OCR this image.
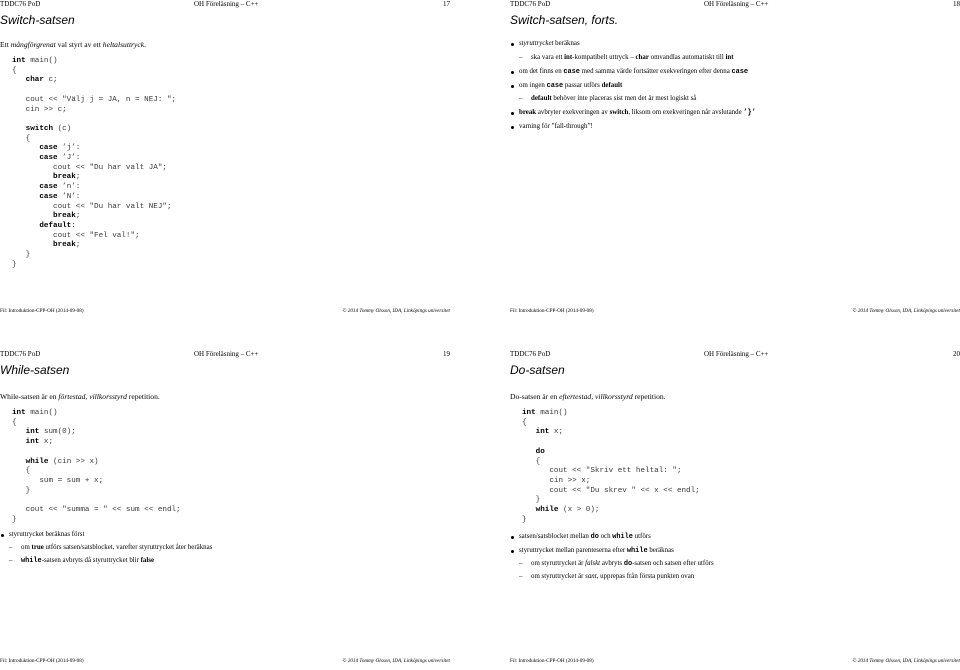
TDDC76 PoD	OH Föreläsning – C++	17
Switch-satsen
Ett mångförgrenat val styrt av ett heltalsuttryck.
int main()
{
char c;

cout << "Välj j = JA, n = NEJ: ";
cin >> c;

switch (c)
{
case ’j’:
case ’J’:
cout << "Du har valt JA";
break;
case ’n’:
case ’N’:
cout << "Du har valt NEJ";
break;
default:
cout << "Fel val!";
break;
}
}
Fil: Introduktion-CPP-OH (2014-09-08)	© 2014 Tommy Olsson, IDA, Linköpings universitet
TDDC76 PoD	OH Föreläsning – C++	18
Switch-satsen, forts.
styruttrycket beräknas
– ska vara ett int-kompatibelt uttryck – char omvandlas automatiskt till int
om det finns en case med samma värde fortsätter exekveringen efter denna case
om ingen case passar utförs default
– default behöver inte placeras sist men det är mest logiskt så
break avbryter exekveringen av switch, liksom om exekveringen når avslutande ’}’
varning för ”fall-through”!
Fil: Introduktion-CPP-OH (2014-09-08)	© 2014 Tommy Olsson, IDA, Linköpings universitet
TDDC76 PoD	OH Föreläsning – C++	19
While-satsen
While-satsen är en förtestad, villkorsstyrd repetition.
int main()
{
int sum(0);
int x;

while (cin >> x)
{
sum = sum + x;
}

cout << "summa = " << sum << endl;
}
styruttrycket beräknas först
– om true utförs satsen/satsblocket, varefter styruttrycket åter beräknas
– while-satsen avbryts då styruttrycket blir false
Fil: Introduktion-CPP-OH (2014-09-08)	© 2014 Tommy Olsson, IDA, Linköpings universitet
TDDC76 PoD	OH Föreläsning – C++	20
Do-satsen
Do-satsen är en eftertestad, villkorsstyrd repetition.
int main()
{
int x;

do
{
cout << "Skriv ett heltal: ";
cin >> x;
cout << "Du skrev " << x << endl;
}
while (x > 0);
}
satsen/satsblocket mellan do och while utförs
styruttrycket mellan parenteserna efter while beräknas
– om styruttrycket är falskt avbryts do-satsen och satsen efter utförs
– om styruttrycket är sant, upprepas från första punkten ovan
Fil: Introduktion-CPP-OH (2014-09-08)	© 2014 Tommy Olsson, IDA, Linköpings universitet
